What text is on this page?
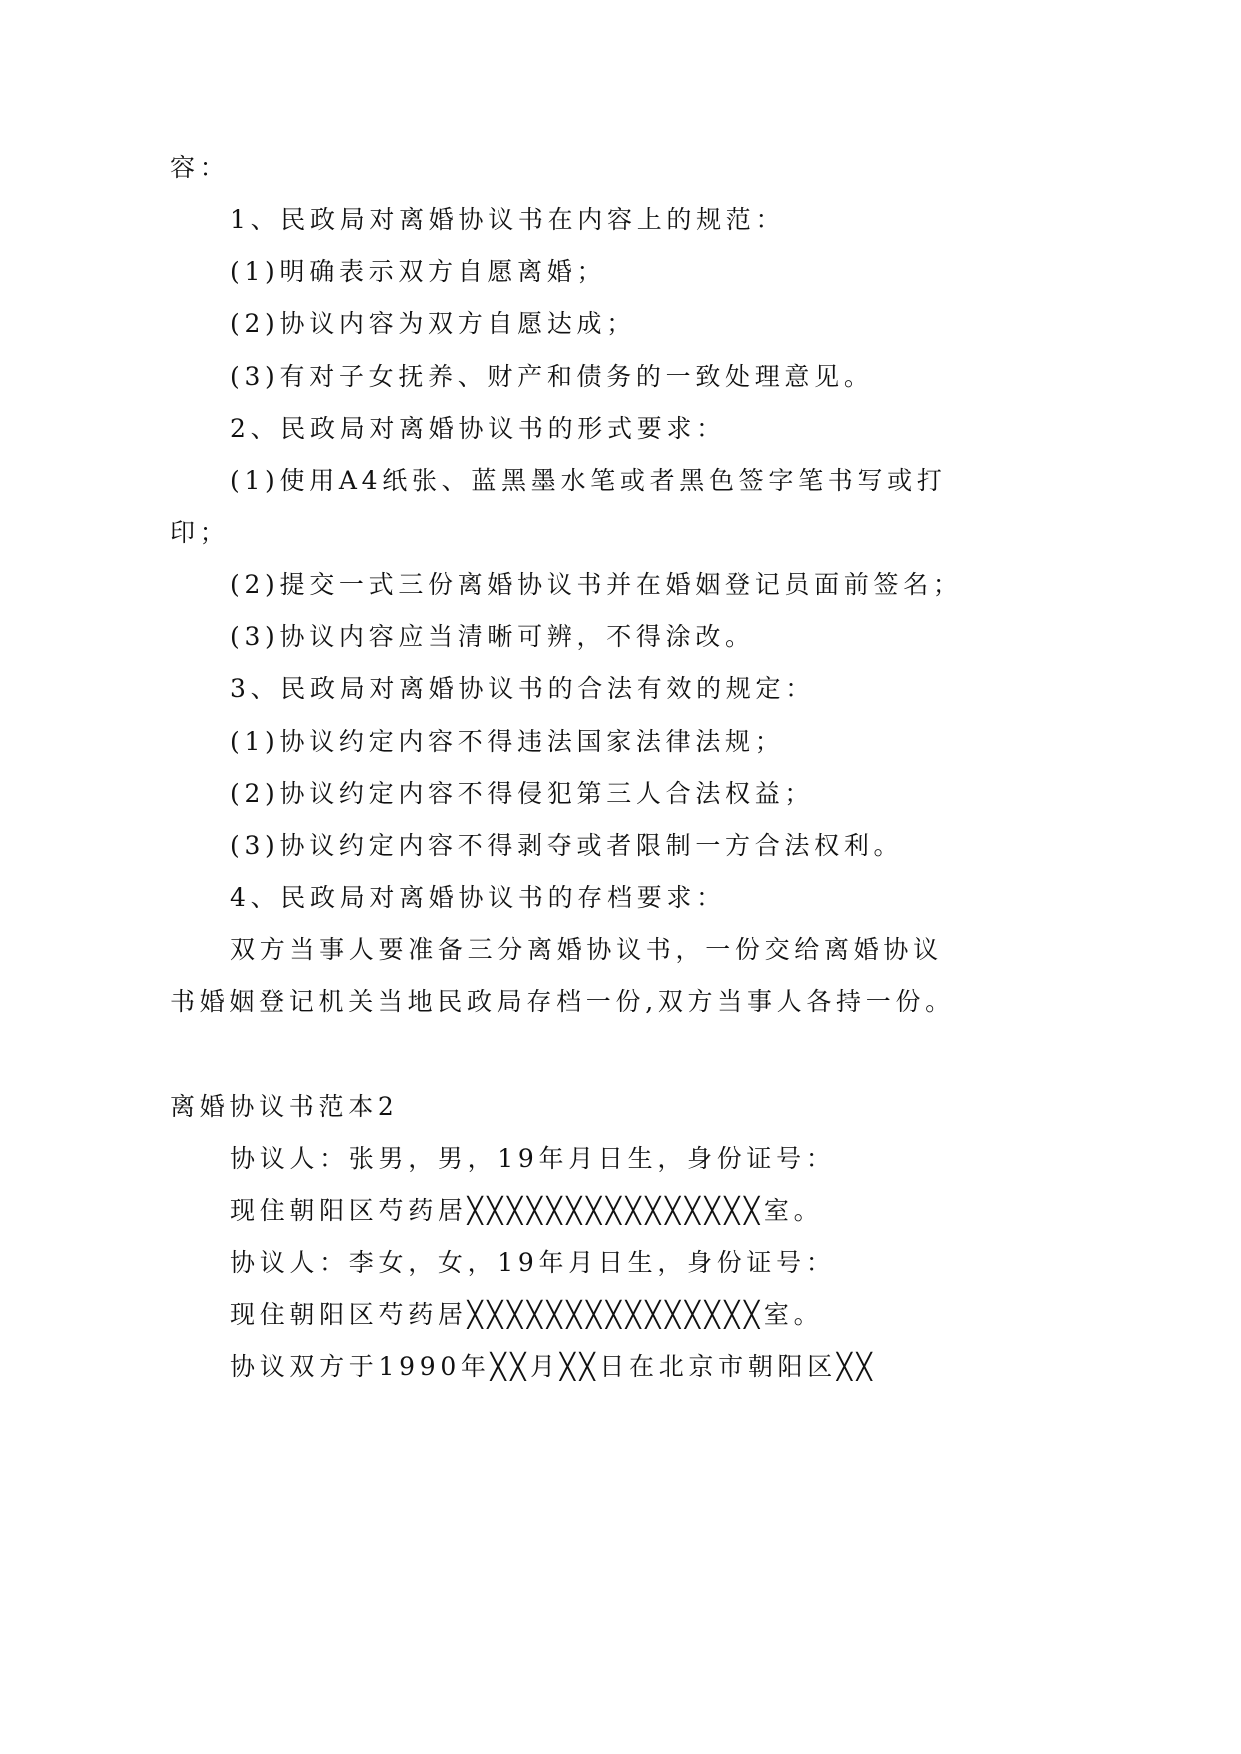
容：

1、民政局对离婚协议书在内容上的规范：

(1)明确表示双方自愿离婚；

(2)协议内容为双方自愿达成；

(3)有对子女抚养、财产和债务的一致处理意见。

2、民政局对离婚协议书的形式要求：

(1)使用A4纸张、蓝黑墨水笔或者黑色签字笔书写或打

印；

(2)提交一式三份离婚协议书并在婚姻登记员面前签名；

(3)协议内容应当清晰可辨，不得涂改。

3、民政局对离婚协议书的合法有效的规定：

(1)协议约定内容不得违法国家法律法规；

(2)协议约定内容不得侵犯第三人合法权益；

(3)协议约定内容不得剥夺或者限制一方合法权利。

4、民政局对离婚协议书的存档要求：

双方当事人要准备三分离婚协议书，一份交给离婚协议

书婚姻登记机关当地民政局存档一份,双方当事人各持一份。

离婚协议书范本2

协议人：张男，男，19年月日生，身份证号：

现住朝阳区芍药居╳╳╳╳╳╳╳╳╳╳╳╳╳╳╳室。

协议人：李女，女，19年月日生，身份证号：

现住朝阳区芍药居╳╳╳╳╳╳╳╳╳╳╳╳╳╳╳室。

协议双方于1990年╳╳月╳╳日在北京市朝阳区╳╳
